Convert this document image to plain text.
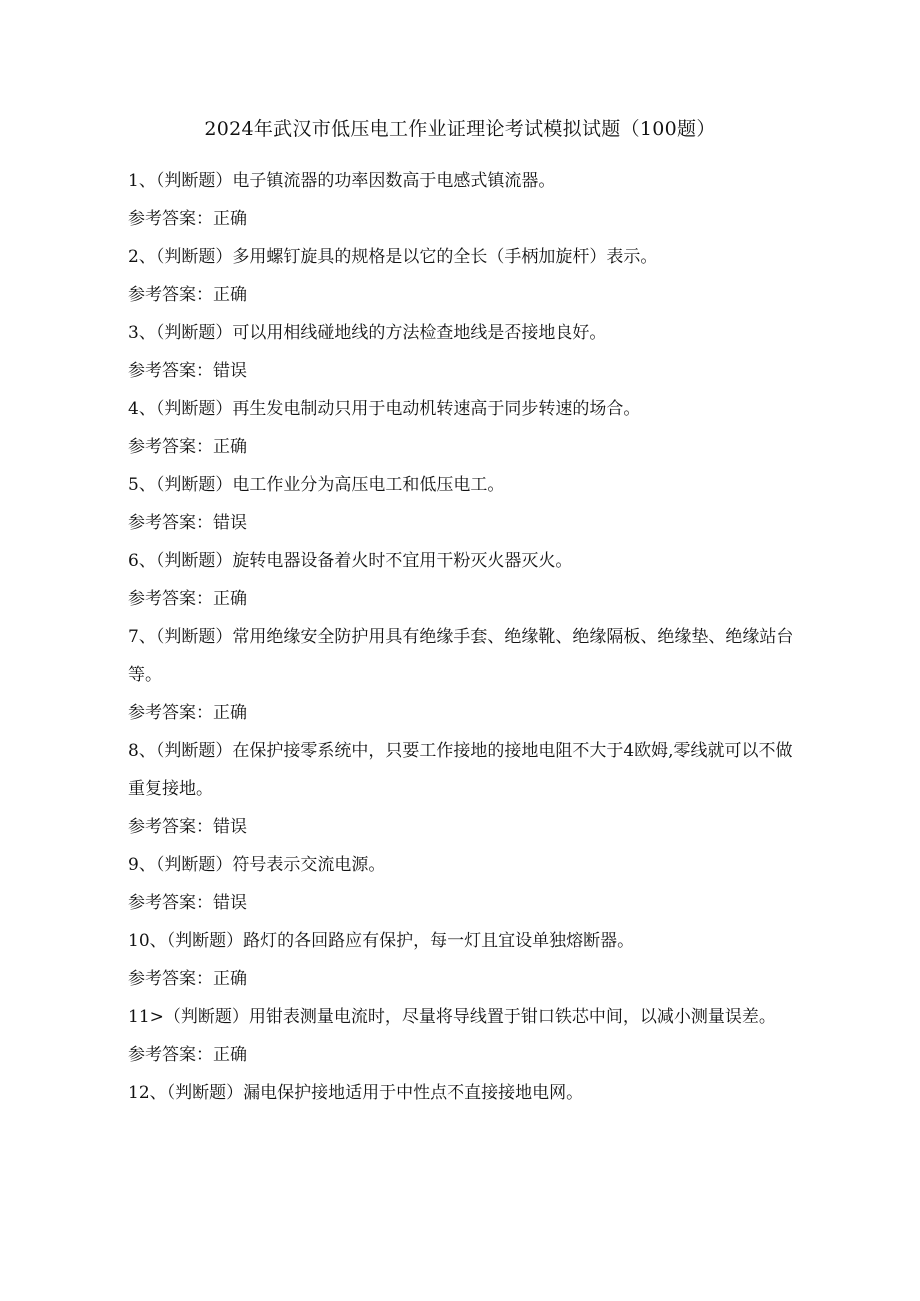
2024年武汉市低压电工作业证理论考试模拟试题（100题）

1、（判断题）电子镇流器的功率因数高于电感式镇流器。

参考答案：正确

2、（判断题）多用螺钉旋具的规格是以它的全长（手柄加旋杆）表示。

参考答案：正确

3、（判断题）可以用相线碰地线的方法检查地线是否接地良好。

参考答案：错误

4、（判断题）再生发电制动只用于电动机转速高于同步转速的场合。

参考答案：正确

5、（判断题）电工作业分为高压电工和低压电工。

参考答案：错误

6、（判断题）旋转电器设备着火时不宜用干粉灭火器灭火。

参考答案：正确

7、（判断题）常用绝缘安全防护用具有绝缘手套、绝缘靴、绝缘隔板、绝缘垫、绝缘站台等。

参考答案：正确

8、（判断题）在保护接零系统中，只要工作接地的接地电阻不大于4欧姆,零线就可以不做重复接地。

参考答案：错误

9、（判断题）符号表示交流电源。

参考答案：错误

10、（判断题）路灯的各回路应有保护，每一灯且宜设单独熔断器。

参考答案：正确

11>（判断题）用钳表测量电流时，尽量将导线置于钳口铁芯中间，以减小测量误差。

参考答案：正确

12、（判断题）漏电保护接地适用于中性点不直接接地电网。
